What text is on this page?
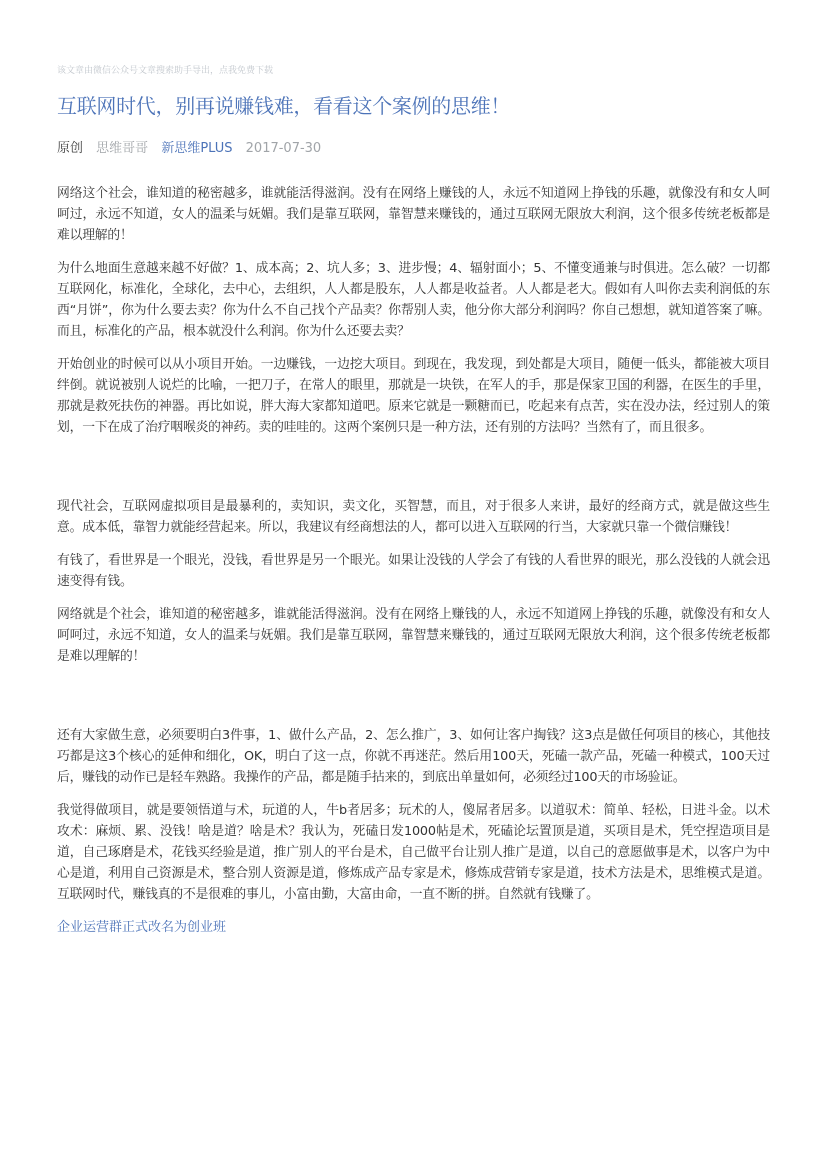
该文章由微信公众号文章搜索助手导出，点我免费下载
互联网时代，别再说赚钱难，看看这个案例的思维！
原创 思维哥哥 新思维PLUS 2017-07-30

网络这个社会，谁知道的秘密越多，谁就能活得滋润。没有在网络上赚钱的人，永远不知道网上挣钱的乐趣，就像没有和女人呵呵过，永远不知道，女人的温柔与妩媚。我们是靠互联网，靠智慧来赚钱的，通过互联网无限放大利润，这个很多传统老板都是难以理解的！

为什么地面生意越来越不好做？1、成本高；2、坑人多；3、进步慢；4、辐射面小；5、不懂变通兼与时俱进。怎么破？一切都互联网化，标准化，全球化，去中心，去组织，人人都是股东，人人都是收益者。人人都是老大。假如有人叫你去卖利润低的东西“月饼”，你为什么要去卖？你为什么不自己找个产品卖？你帮别人卖，他分你大部分利润吗？你自己想想，就知道答案了嘛。而且，标准化的产品，根本就没什么利润。你为什么还要去卖？

开始创业的时候可以从小项目开始。一边赚钱，一边挖大项目。到现在，我发现，到处都是大项目，随便一低头，都能被大项目绊倒。就说被别人说烂的比喻，一把刀子，在常人的眼里，那就是一块铁，在军人的手，那是保家卫国的利器，在医生的手里，那就是救死扶伤的神器。再比如说，胖大海大家都知道吧。原来它就是一颗糖而已，吃起来有点苦，实在没办法，经过别人的策划，一下在成了治疗咽喉炎的神药。卖的哇哇的。这两个案例只是一种方法，还有别的方法吗？当然有了，而且很多。

现代社会，互联网虚拟项目是最暴利的，卖知识，卖文化，买智慧，而且，对于很多人来讲，最好的经商方式，就是做这些生意。成本低，靠智力就能经营起来。所以，我建议有经商想法的人，都可以进入互联网的行当，大家就只靠一个微信赚钱！

有钱了，看世界是一个眼光，没钱，看世界是另一个眼光。如果让没钱的人学会了有钱的人看世界的眼光，那么没钱的人就会迅速变得有钱。

网络就是个社会，谁知道的秘密越多，谁就能活得滋润。没有在网络上赚钱的人，永远不知道网上挣钱的乐趣，就像没有和女人呵呵过，永远不知道，女人的温柔与妩媚。我们是靠互联网，靠智慧来赚钱的，通过互联网无限放大利润，这个很多传统老板都是难以理解的！

还有大家做生意，必须要明白3件事，1、做什么产品，2、怎么推广，3、如何让客户掏钱？这3点是做任何项目的核心，其他技巧都是这3个核心的延伸和细化，OK，明白了这一点，你就不再迷茫。然后用100天，死磕一款产品，死磕一种模式，100天过后，赚钱的动作已是轻车熟路。我操作的产品，都是随手拈来的，到底出单量如何，必须经过100天的市场验证。

我觉得做项目，就是要领悟道与术，玩道的人，牛b者居多；玩术的人，傻屌者居多。以道驭术：简单、轻松，日进斗金。以术攻术：麻烦、累、没钱！啥是道？啥是术？我认为，死磕日发1000帖是术，死磕论坛置顶是道，买项目是术，凭空捏造项目是道，自己琢磨是术，花钱买经验是道，推广别人的平台是术，自己做平台让别人推广是道，以自己的意愿做事是术，以客户为中心是道，利用自己资源是术，整合别人资源是道，修炼成产品专家是术，修炼成营销专家是道，技术方法是术，思维模式是道。互联网时代，赚钱真的不是很难的事儿，小富由勤，大富由命，一直不断的拼。自然就有钱赚了。

企业运营群正式改名为创业班
